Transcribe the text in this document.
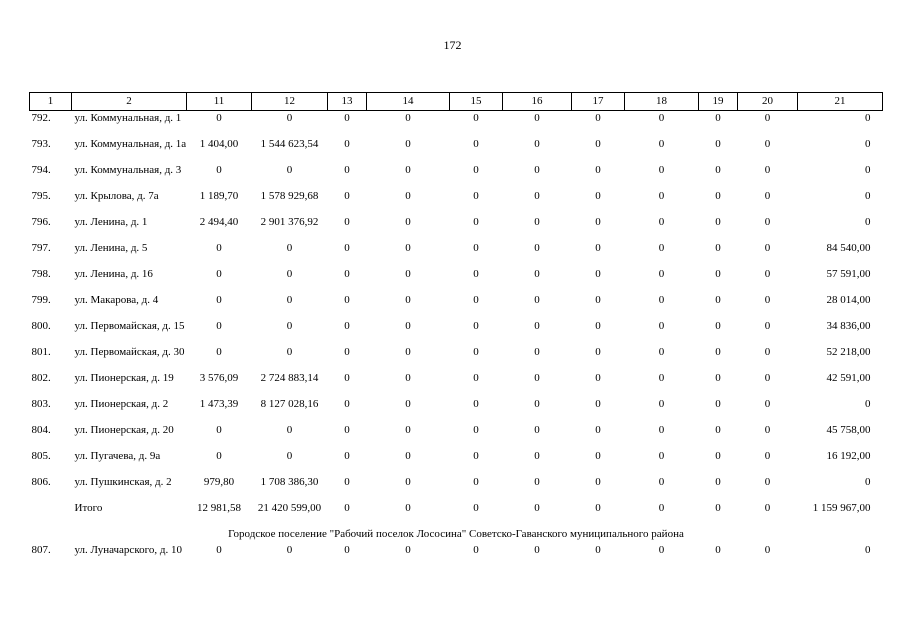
172
1	2	11	12	13	14	15	16	17	18	19	20	21
792.	ул. Коммунальная, д. 1	0	0	0	0	0	0	0	0	0	0	0
793.	ул. Коммунальная, д. 1а	1 404,00	1 544 623,54	0	0	0	0	0	0	0	0	0
794.	ул. Коммунальная, д. 3	0	0	0	0	0	0	0	0	0	0	0
795.	ул. Крылова, д. 7а	1 189,70	1 578 929,68	0	0	0	0	0	0	0	0	0
796.	ул. Ленина, д. 1	2 494,40	2 901 376,92	0	0	0	0	0	0	0	0	0
797.	ул. Ленина, д. 5	0	0	0	0	0	0	0	0	0	0	84 540,00
798.	ул. Ленина, д. 16	0	0	0	0	0	0	0	0	0	0	57 591,00
799.	ул. Макарова, д. 4	0	0	0	0	0	0	0	0	0	0	28 014,00
800.	ул. Первомайская, д. 15	0	0	0	0	0	0	0	0	0	0	34 836,00
801.	ул. Первомайская, д. 30	0	0	0	0	0	0	0	0	0	0	52 218,00
802.	ул. Пионерская, д. 19	3 576,09	2 724 883,14	0	0	0	0	0	0	0	0	42 591,00
803.	ул. Пионерская, д. 2	1 473,39	8 127 028,16	0	0	0	0	0	0	0	0	0
804.	ул. Пионерская, д. 20	0	0	0	0	0	0	0	0	0	0	45 758,00
805.	ул. Пугачева, д. 9а	0	0	0	0	0	0	0	0	0	0	16 192,00
806.	ул. Пушкинская, д. 2	979,80	1 708 386,30	0	0	0	0	0	0	0	0	0
	Итого	12 981,58	21 420 599,00	0	0	0	0	0	0	0	0	1 159 967,00
Городское поселение "Рабочий поселок Лососина" Советско-Гаванского муниципального района												
807.	ул. Луначарского, д. 10	0	0	0	0	0	0	0	0	0	0	0
